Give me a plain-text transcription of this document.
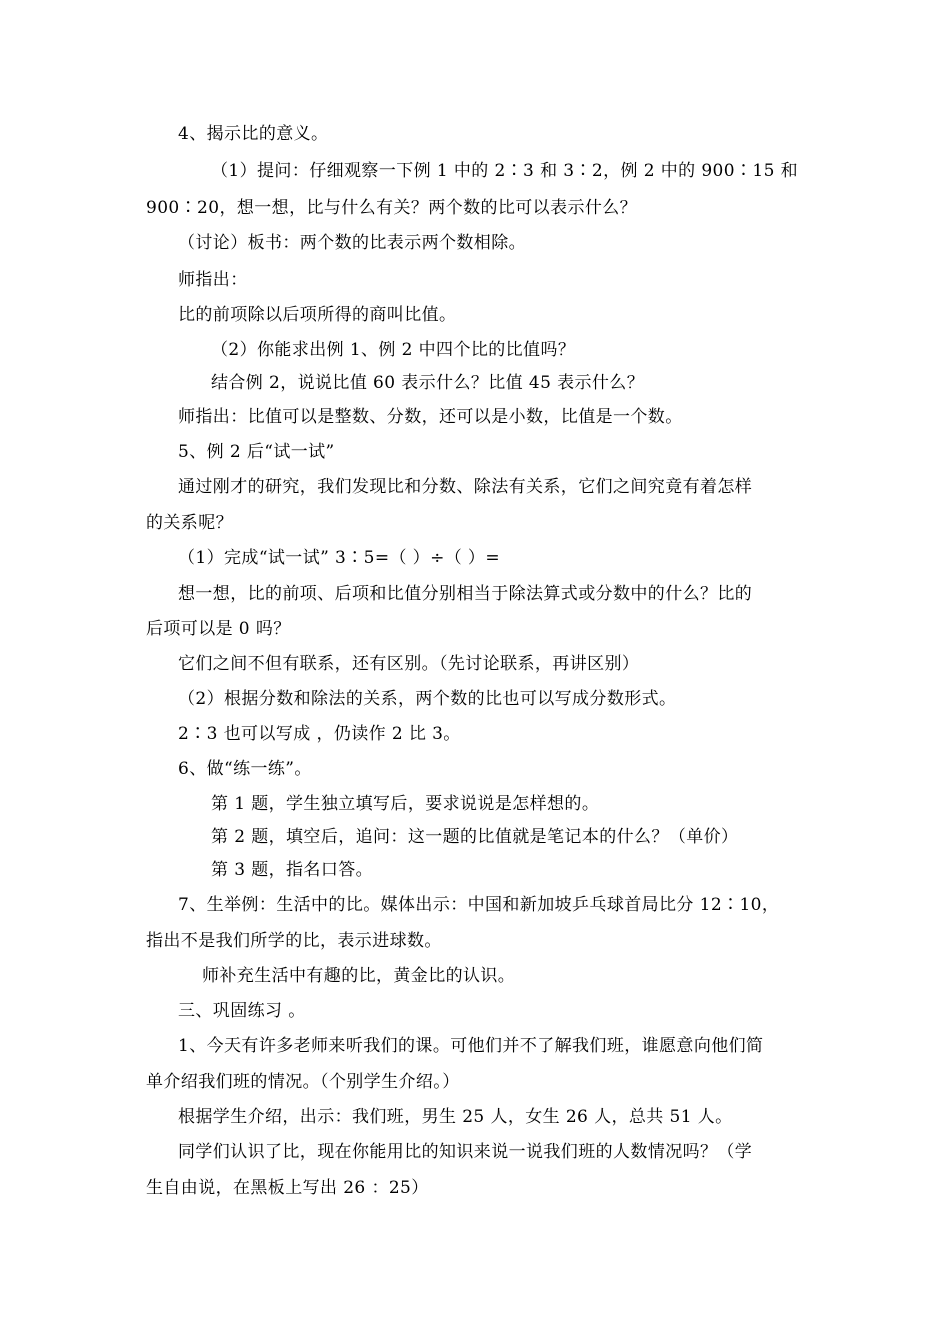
4、揭示比的意义。
（1）提问：仔细观察一下例 1 中的 2∶3 和 3∶2，例 2 中的 900∶15 和
900∶20，想一想，比与什么有关？两个数的比可以表示什么？
（讨论）板书：两个数的比表示两个数相除。
师指出：
比的前项除以后项所得的商叫比值。
（2）你能求出例 1、例 2 中四个比的比值吗？
结合例 2，说说比值 60 表示什么？比值 45 表示什么？
师指出：比值可以是整数、分数，还可以是小数，比值是一个数。
5、例 2 后“试一试”
通过刚才的研究，我们发现比和分数、除法有关系，它们之间究竟有着怎样
的关系呢？
（1）完成“试一试” 3∶5=（ ）÷（ ）=
想一想，比的前项、后项和比值分别相当于除法算式或分数中的什么？比的
后项可以是 0 吗？
它们之间不但有联系，还有区别。（先讨论联系，再讲区别）
（2）根据分数和除法的关系，两个数的比也可以写成分数形式。
2∶3 也可以写成 ，仍读作 2 比 3。
6、做“练一练”。
第 1 题，学生独立填写后，要求说说是怎样想的。
第 2 题，填空后，追问：这一题的比值就是笔记本的什么？（单价）
第 3 题，指名口答。
7、生举例：生活中的比。媒体出示：中国和新加坡乒乓球首局比分 12∶10，
指出不是我们所学的比，表示进球数。
师补充生活中有趣的比，黄金比的认识。
三、巩固练习 。
1、今天有许多老师来听我们的课。可他们并不了解我们班，谁愿意向他们简
单介绍我们班的情况。（个别学生介绍。）
根据学生介绍，出示：我们班，男生 25 人，女生 26 人，总共 51 人。
同学们认识了比，现在你能用比的知识来说一说我们班的人数情况吗？（学
生自由说，在黑板上写出 26 ：25）
